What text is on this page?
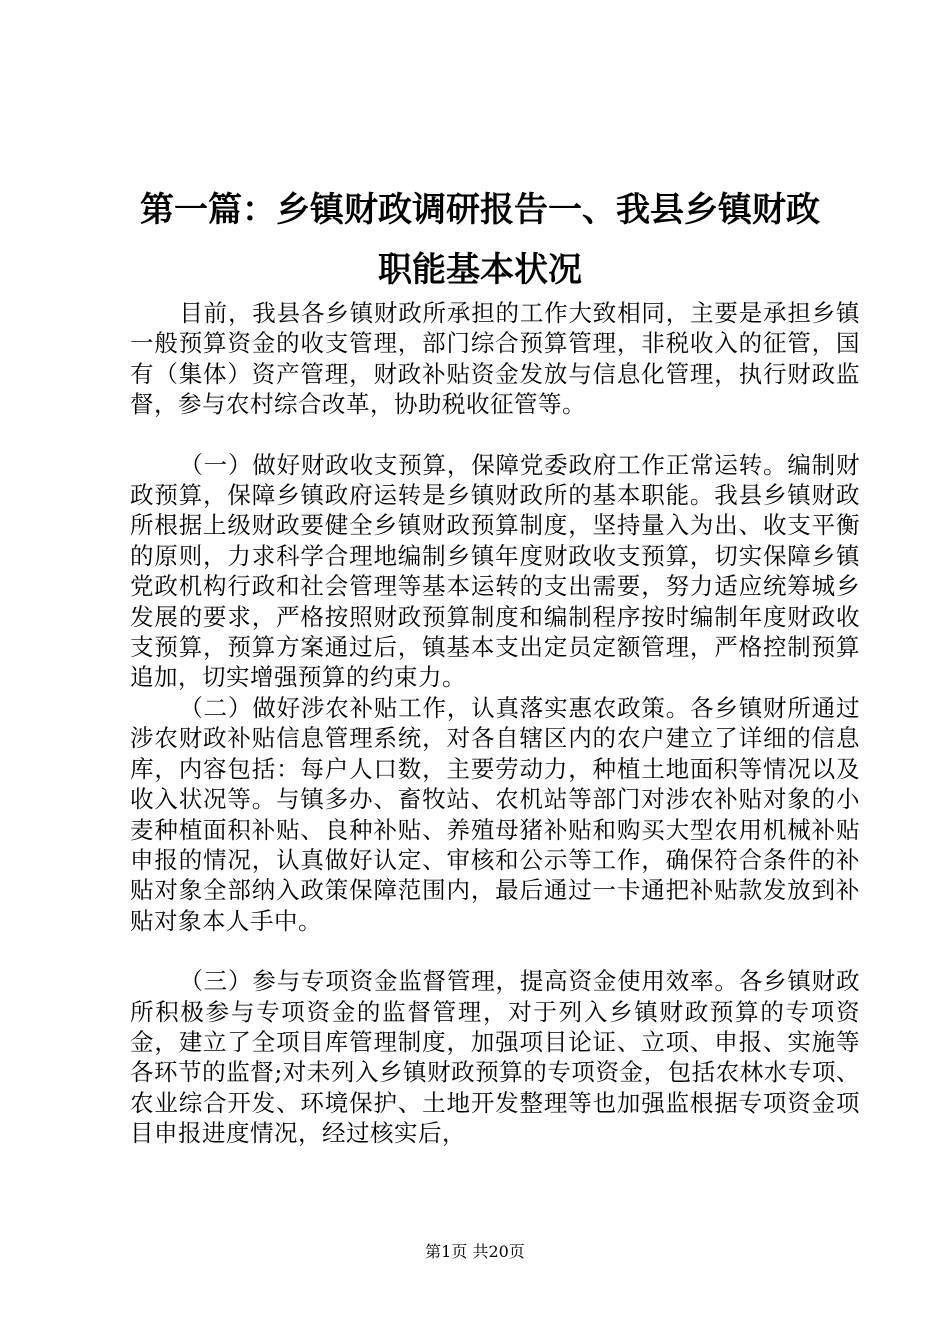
第一篇：乡镇财政调研报告一、我县乡镇财政
职能基本状况

目前，我县各乡镇财政所承担的工作大致相同，主要是承担乡镇一般预算资金的收支管理，部门综合预算管理，非税收入的征管，国有（集体）资产管理，财政补贴资金发放与信息化管理，执行财政监督，参与农村综合改革，协助税收征管等。

（一）做好财政收支预算，保障党委政府工作正常运转。编制财政预算，保障乡镇政府运转是乡镇财政所的基本职能。我县乡镇财政所根据上级财政要健全乡镇财政预算制度，坚持量入为出、收支平衡的原则，力求科学合理地编制乡镇年度财政收支预算，切实保障乡镇党政机构行政和社会管理等基本运转的支出需要，努力适应统筹城乡发展的要求，严格按照财政预算制度和编制程序按时编制年度财政收支预算，预算方案通过后，镇基本支出定员定额管理，严格控制预算追加，切实增强预算的约束力。

（二）做好涉农补贴工作，认真落实惠农政策。各乡镇财所通过涉农财政补贴信息管理系统，对各自辖区内的农户建立了详细的信息库，内容包括：每户人口数，主要劳动力，种植土地面积等情况以及收入状况等。与镇多办、畜牧站、农机站等部门对涉农补贴对象的小麦种植面积补贴、良种补贴、养殖母猪补贴和购买大型农用机械补贴申报的情况，认真做好认定、审核和公示等工作，确保符合条件的补贴对象全部纳入政策保障范围内，最后通过一卡通把补贴款发放到补贴对象本人手中。

（三）参与专项资金监督管理，提高资金使用效率。各乡镇财政所积极参与专项资金的监督管理，对于列入乡镇财政预算的专项资金，建立了全项目库管理制度，加强项目论证、立项、申报、实施等各环节的监督;对未列入乡镇财政预算的专项资金，包括农林水专项、农业综合开发、环境保护、土地开发整理等也加强监根据专项资金项目申报进度情况，经过核实后，

第1页 共20页
